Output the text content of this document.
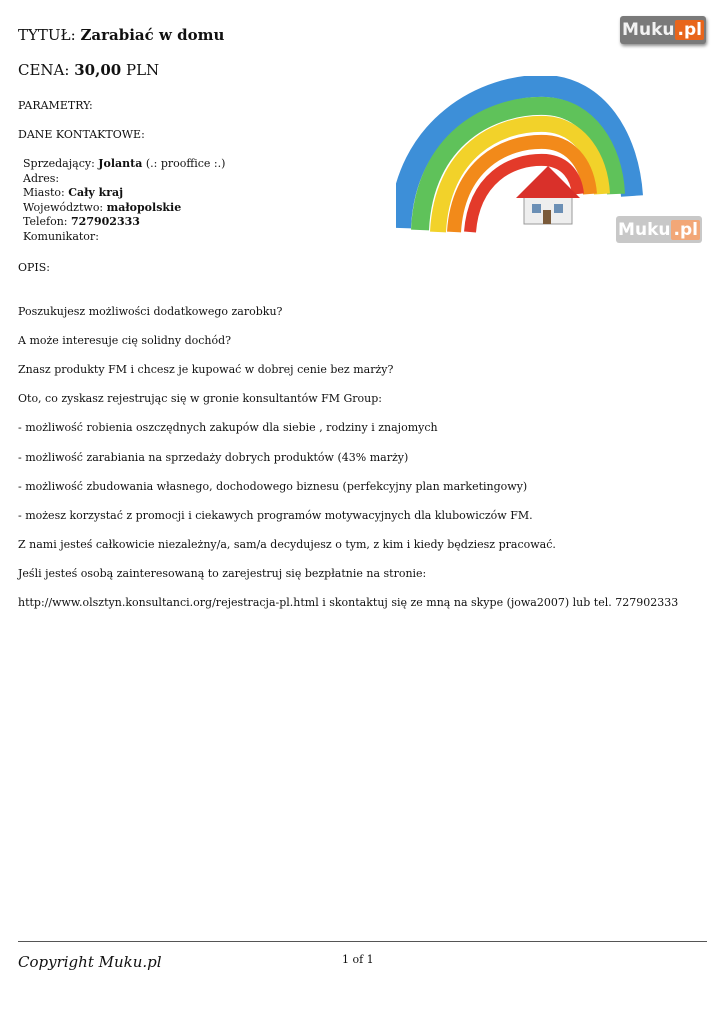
TYTUŁ: Zarabiać w domu
CENA: 30,00 PLN
Muku .pl
Muku .pl
PARAMETRY:
DANE KONTAKTOWE:
Sprzedający: Jolanta (.: prooffice :.)
Adres:
Miasto: Cały kraj
Województwo: małopolskie
Telefon: 727902333
Komunikator:
OPIS:

Poszukujesz możliwości dodatkowego zarobku?

A może interesuje cię solidny dochód?

Znasz produkty FM i chcesz je kupować w dobrej cenie bez marży?

Oto, co zyskasz rejestrując się w gronie konsultantów FM Group:

- możliwość robienia oszczędnych zakupów dla siebie , rodziny i znajomych

- możliwość zarabiania na sprzedaży dobrych produktów (43% marży)

- możliwość zbudowania własnego, dochodowego biznesu (perfekcyjny plan marketingowy)

- możesz korzystać z promocji i ciekawych programów motywacyjnych dla klubowiczów FM.

Z nami jesteś całkowicie niezależny/a, sam/a decydujesz o tym, z kim i kiedy będziesz pracować.

Jeśli jesteś osobą zainteresowaną to zarejestruj się bezpłatnie na stronie:

http://www.olsztyn.konsultanci.org/rejestracja-pl.html i skontaktuj się ze mną na skype (jowa2007) lub tel. 727902333

Copyright Muku.pl	1 of 1
